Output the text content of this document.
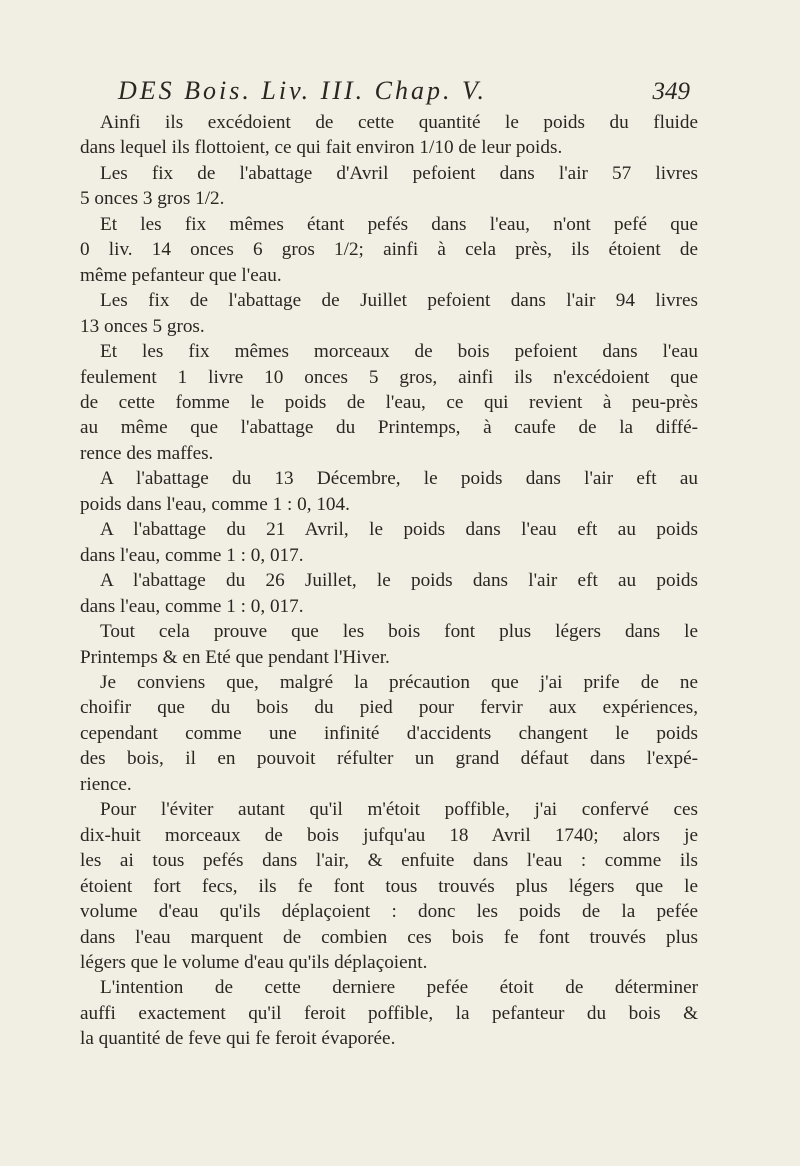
DES Bois. Liv. III. Chap. V.	349

Ainfi ils excédoient de cette quantité le poids du fluide

dans lequel ils flottoient, ce qui fait environ 1/10 de leur poids.

Les fix de l'abattage d'Avril pefoient dans l'air 57 livres

5 onces 3 gros 1/2.

Et les fix mêmes étant pefés dans l'eau, n'ont pefé que

0 liv. 14 onces 6 gros 1/2; ainfi à cela près, ils étoient de

même pefanteur que l'eau.

Les fix de l'abattage de Juillet pefoient dans l'air 94 livres

13 onces 5 gros.

Et les fix mêmes morceaux de bois pefoient dans l'eau

feulement 1 livre 10 onces 5 gros, ainfi ils n'excédoient que

de cette fomme le poids de l'eau, ce qui revient à peu-près

au même que l'abattage du Printemps, à caufe de la diffé-

rence des maffes.

A l'abattage du 13 Décembre, le poids dans l'air eft au

poids dans l'eau, comme 1 : 0, 104.

A l'abattage du 21 Avril, le poids dans l'eau eft au poids

dans l'eau, comme 1 : 0, 017.

A l'abattage du 26 Juillet, le poids dans l'air eft au poids

dans l'eau, comme 1 : 0, 017.

Tout cela prouve que les bois font plus légers dans le

Printemps & en Eté que pendant l'Hiver.

Je conviens que, malgré la précaution que j'ai prife de ne

choifir que du bois du pied pour fervir aux expériences,

cependant comme une infinité d'accidents changent le poids

des bois, il en pouvoit réfulter un grand défaut dans l'expé-

rience.

Pour l'éviter autant qu'il m'étoit poffible, j'ai confervé ces

dix-huit morceaux de bois jufqu'au 18 Avril 1740; alors je

les ai tous pefés dans l'air, & enfuite dans l'eau : comme ils

étoient fort fecs, ils fe font tous trouvés plus légers que le

volume d'eau qu'ils déplaçoient : donc les poids de la pefée

dans l'eau marquent de combien ces bois fe font trouvés plus

légers que le volume d'eau qu'ils déplaçoient.

L'intention de cette derniere pefée étoit de déterminer

auffi exactement qu'il feroit poffible, la pefanteur du bois &

la quantité de feve qui fe feroit évaporée.
